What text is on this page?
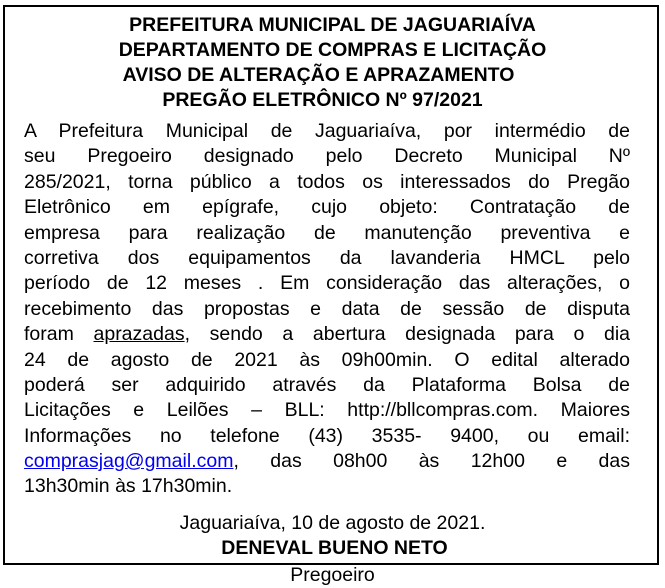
PREFEITURA MUNICIPAL DE JAGUARIAÍVA
DEPARTAMENTO DE COMPRAS E LICITAÇÃO
AVISO DE ALTERAÇÃO E APRAZAMENTO
PREGÃO ELETRÔNICO Nº 97/2021
A Prefeitura Municipal de Jaguariaíva, por intermédio de
seu Pregoeiro designado pelo Decreto Municipal Nº
285/2021, torna público a todos os interessados do Pregão
Eletrônico em epígrafe, cujo objeto: Contratação de
empresa para realização de manutenção preventiva e
corretiva dos equipamentos da lavanderia HMCL pelo
período de 12 meses . Em consideração das alterações, o
recebimento das propostas e data de sessão de disputa
foram aprazadas, sendo a abertura designada para o dia
24 de agosto de 2021 às 09h00min. O edital alterado
poderá ser adquirido através da Plataforma Bolsa de
Licitações e Leilões – BLL: http://bllcompras.com. Maiores
Informações no telefone (43) 3535- 9400, ou email:
comprasjag@gmail.com, das 08h00 às 12h00 e das
13h30min às 17h30min.
Jaguariaíva, 10 de agosto de 2021.
DENEVAL BUENO NETO
Pregoeiro
